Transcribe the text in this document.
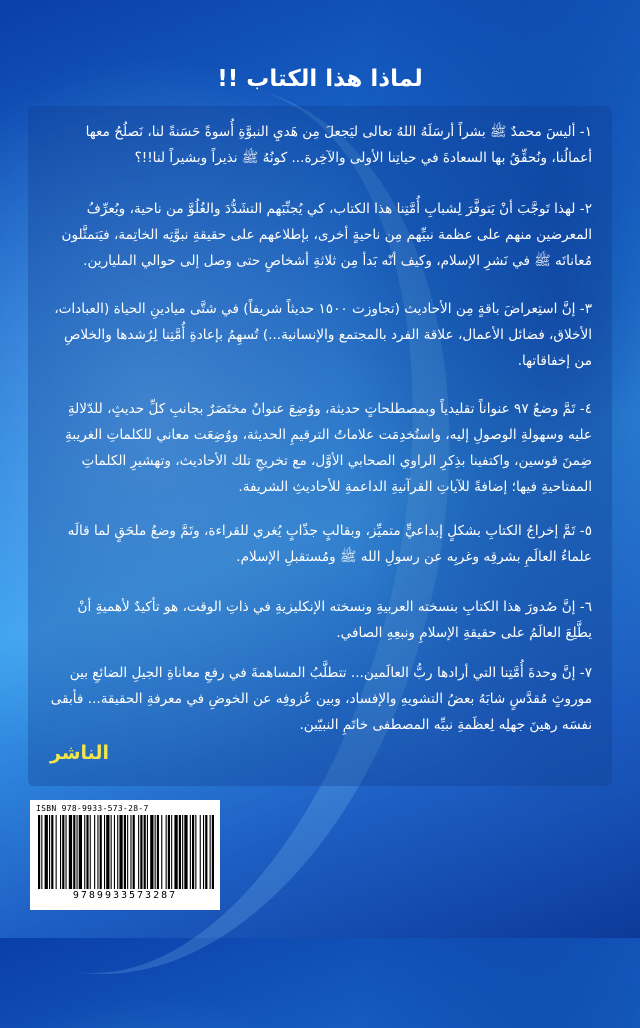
لماذا هذا الكتاب !!

١- أليسَ محمدٌ ﷺ بشراً أرسَلَهُ اللهُ تعالى ليَجعلَ مِن هَديِ النبوَّةِ أُسوةً حَسَنةً لنا، نَصلُحُ معها أعمالُنا، ونُحقِّقُ بها السعادةَ في حياتِنا الأولى والآخِرة... كونُهُ ﷺ نذيراً وبشيراً لنا!!؟

٢- لهذا تَوجَّبَ أنْ يَتوفَّرَ لِشبابِ أُمَّتِنا هذا الكتاب، كي يُجنِّبَهم التشَدُّدَ والغُلُوَّ من ناحية، ويُعرِّفُ المعرضين منهم على عظمة نبيِّهم مِن ناحيةٍ أخرى، بإطلاعهم على حقيقةِ نبوَّتِه الخاتِمة، فيَتمثَّلون مُعاناتَه ﷺ في نَشرِ الإسلام، وكيف أنّه بَدأ مِن ثلاثةِ أشخاصٍ حتى وصل إلى حوالي المليارين.

٣- إنَّ استِعراضَ باقةٍ مِن الأحاديث (تجاوزت ١٥٠٠ حديثاً شريفاً) في شتَّى ميادينِ الحياة (العبادات، الأخلاق، فضائل الأعمال، علاقة الفرد بالمجتمع والإنسانية...) تُسهِمُ بإعادةِ أُمَّتِنا لِرُشدها والخلاصِ من إخفاقاتها.

٤- تَمَّ وضعُ ٩٧ عنواناً تقليدياً وبمصطلحاتٍ حديثة، ووُضِعَ عنوانٌ مختَصَرٌ بجانبِ كلِّ حديثٍ، للدّلالةِ عليه وسهولةِ الوصولِ إليه، واستُخدِمَت علاماتُ الترقيمِ الحديثة، ووُضِعَت معاني للكلماتِ الغريبةِ ضِمنَ قوسين، واكتفينا بذِكرِ الراوي الصحابي الأوَّل، مع تخريجِ تلك الأحاديث، وتهشيرِ الكلماتِ المفتاحيةِ فيها؛ إضافةً للآياتِ القرآنيةِ الداعمةِ للأحاديثِ الشريفة.

٥- تَمَّ إخراجُ الكتابِ بشكلٍ إبداعيٍّ متميِّز، وبقالبٍ جذّابٍ يُغري للقراءة، وتَمَّ وضعُ ملحَقٍ لما قالَه علماءُ العالَمِ بشرقِه وغربِه عن رسولِ الله ﷺ ومُستقبلِ الإسلام.

٦- إنَّ صُدورَ هذا الكتابِ بنسخته العربيةِ ونسخته الإنكليزيةِ في ذاتِ الوقت، هو تأكيدٌ لأهميةِ أنْ يطَّلِعَ العالَمُ على حقيقةِ الإسلامِ ونبعِهِ الصافي.

٧- إنَّ وحدةَ أُمَّتِنا التي أرادها ربُّ العالَمين... تتطلَّبُ المساهمةَ في رفعِ معاناةِ الجيلِ الضائعِ بين موروثٍ مُقدَّسٍ شابَهُ بعضُ التشويهِ والإفساد، وبين عُزوفِه عن الخوضِ في معرفةِ الحقيقة... فأبقى نفسَه رهينَ جهلِه لِعظَمةِ نبيِّه المصطفى خاتَمِ النبيّين.

الناشر
ISBN 978-9933-573-28-7
9789933573287
